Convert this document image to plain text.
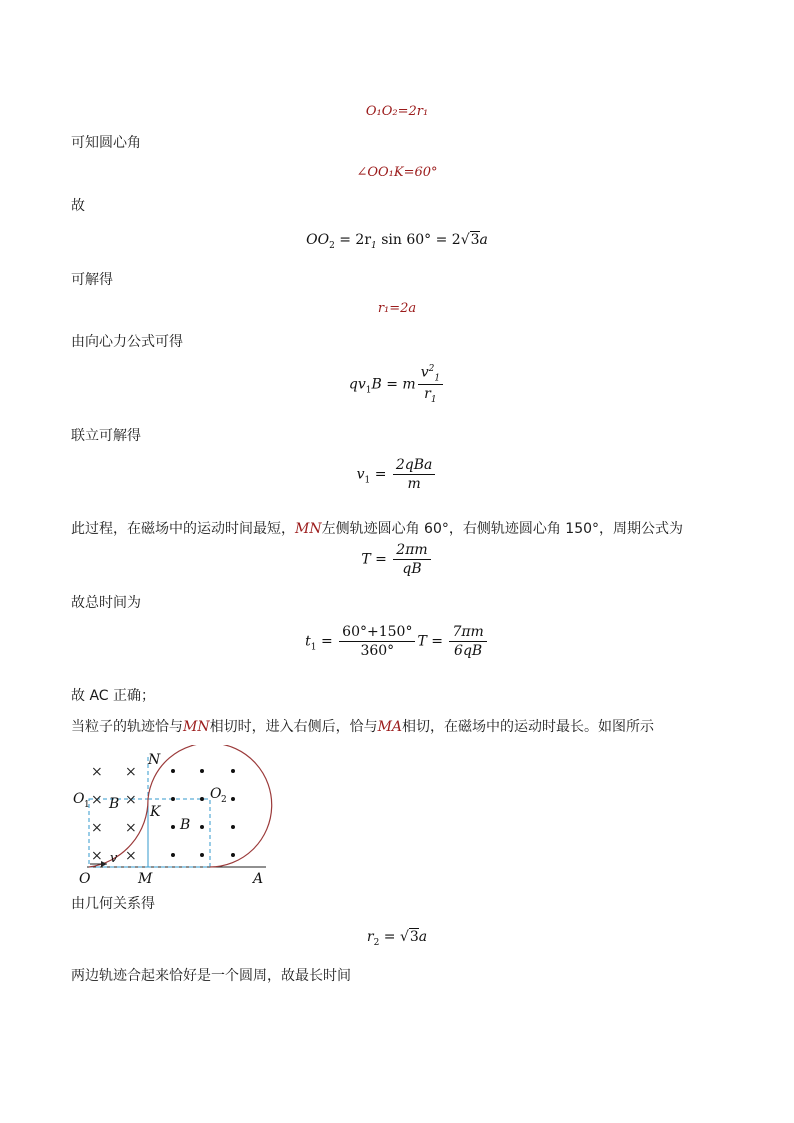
O₁O₂=2r₁
可知圆心角
∠OO₁K=60°
故
$OO_2 = 2r_1$ sin 60° = 2√3a
可解得
r₁=2a
由向心力公式可得
$qv_1B = m \frac{v^2_1}{r_1}$
联立可解得
$v_1 = \frac{\text{2qBa}}{m}$
此过程，在磁场中的运动时间最短，MN左侧轨迹圆心角 60°，右侧轨迹圆心角 150°，周期公式为
$T = \frac{2\pi m}{qB}$
故总时间为
$t_1 = \frac{60^\circ+150^\circ}{360^\circ}$ $T = \frac{7\pi m}{6qB}$
故 AC 正确；
当粒子的轨迹恰与MN相切时，进入右侧后，恰与MA相切，在磁场中的运动时最长。如图所示
× ×
× ×
× ×
× ×
N
O 1 B K
O 2
B
v
O	M	A
由几何关系得
$r_2 = √3a$
两边轨迹合起来恰好是一个圆周，故最长时间
